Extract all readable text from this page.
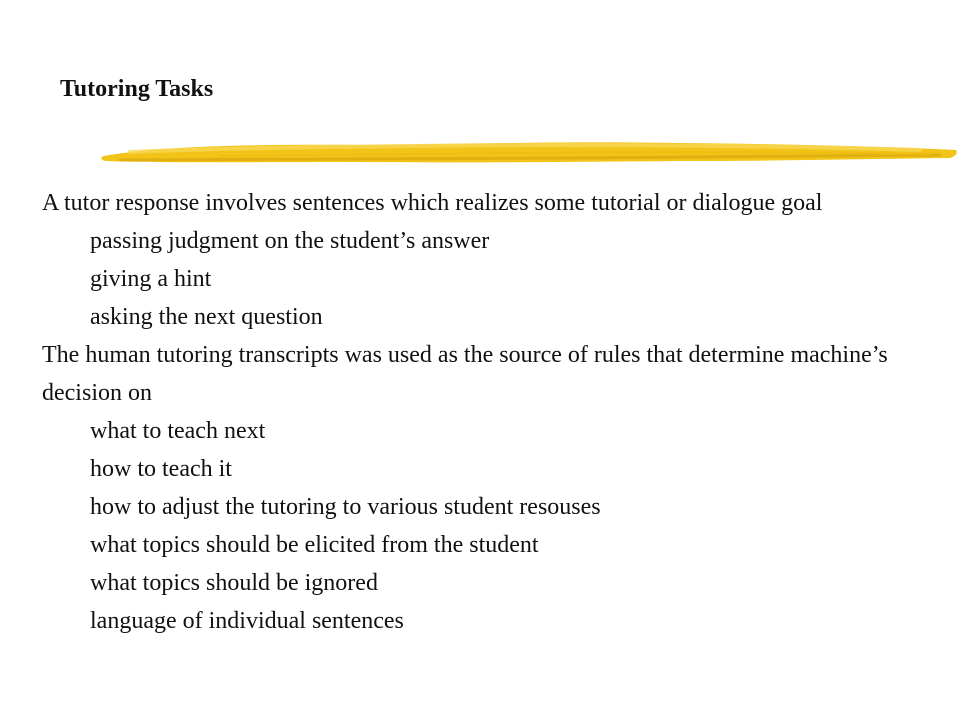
Tutoring Tasks

A tutor response involves sentences which realizes some tutorial or dialogue goal

passing judgment on the student’s answer

giving a hint

asking the next question

The human tutoring transcripts was used as the source of rules that determine machine’s decision on

what to teach next

how to teach it

how to adjust the tutoring to various student resouses

what topics should be elicited from the student

what topics should be ignored

language of individual sentences
